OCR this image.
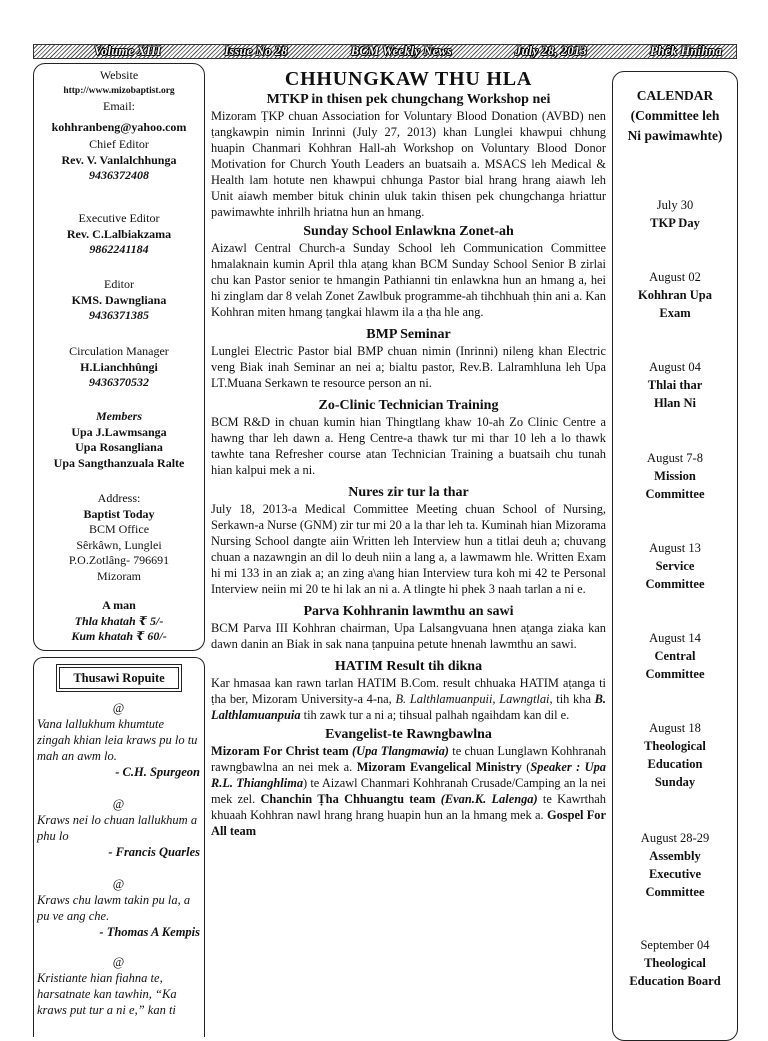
Volume XIII	Issue No 28	BCM Weekly News	July 28, 2013	Phêk Hnihna
Website
http://www.mizobaptist.org
Email:
kohhranbeng@yahoo.com
Chief Editor
Rev. V. Vanlalchhunga
9436372408
Executive Editor
Rev. C.Lalbiakzama
9862241184
Editor
KMS. Dawngliana
9436371385
Circulation Manager
H.Lianchhûngi
9436370532
Members
Upa J.Lawmsanga
Upa Rosangliana
Upa Sangthanzuala Ralte
Address:
Baptist Today
BCM Office
Sêrkâwn, Lunglei
P.O.Zotlâng- 796691
Mizoram
A man
Thla khatah ₹ 5/-
Kum khatah ₹ 60/-
Thusawi Ropuite
@
Vana lallukhum khumtute zingah khian leia kraws pu lo tu mah an awm lo.
- C.H. Spurgeon
@
Kraws nei lo chuan lallukhum a phu lo
- Francis Quarles
@
Kraws chu lawm takin pu la, a pu ve ang che.
- Thomas A Kempis
@
Kristiante hian fiahna te, harsatnate kan tawhin, “Ka kraws put tur a ni e,” kan ti
CHHUNGKAW THU HLA
MTKP in thisen pek chungchang Workshop nei

Mizoram ṬKP chuan Association for Voluntary Blood Donation (AVBD) nen ṭangkawpin nimin Inrinni (July 27, 2013) khan Lunglei khawpui chhung huapin Chanmari Kohhran Hall-ah Workshop on Voluntary Blood Donor Motivation for Church Youth Leaders an buatsaih a. MSACS leh Medical & Health lam hotute nen khawpui chhunga Pastor bial hrang hrang aiawh leh Unit aiawh member bituk chinin uluk takin thisen pek chungchanga hriattur pawimawhte inhrilh hriatna hun an hmang.

Sunday School Enlawkna Zonet-ah

Aizawl Central Church-a Sunday School leh Communication Committee hmalaknain kumin April thla aṭang khan BCM Sunday School Senior B zirlai chu kan Pastor senior te hmangin Pathianni tin enlawkna hun an hmang a, hei hi zinglam dar 8 velah Zonet Zawlbuk programme-ah tihchhuah ṭhin ani a. Kan Kohhran miten hmang ṭangkai hlawm ila a ṭha hle ang.

BMP Seminar

Lunglei Electric Pastor bial BMP chuan nimin (Inrinni) nileng khan Electric veng Biak inah Seminar an nei a; bialtu pastor, Rev.B. Lalramhluna leh Upa LT.Muana Serkawn te resource person an ni.

Zo-Clinic Technician Training

BCM R&D in chuan kumin hian Thingtlang khaw 10-ah Zo Clinic Centre a hawng thar leh dawn a. Heng Centre-a thawk tur mi thar 10 leh a lo thawk tawhte tana Refresher course atan Technician Training a buatsaih chu tunah hian kalpui mek a ni.

Nures zir tur la thar

July 18, 2013-a Medical Committee Meeting chuan School of Nursing, Serkawn-a Nurse (GNM) zir tur mi 20 a la thar leh ta. Kuminah hian Mizorama Nursing School dangte aiin Written leh Interview hun a titlai deuh a; chuvang chuan a nazawngin an dil lo deuh niin a lang a, a lawmawm hle. Written Exam hi mi 133 in an ziak a; an zing a\ang hian Interview tura koh mi 42 te Personal Interview neiin mi 20 te hi lak an ni a. A tlingte hi phek 3 naah tarlan a ni e.

Parva Kohhranin lawmthu an sawi

BCM Parva III Kohhran chairman, Upa Lalsangvuana hnen aṭanga ziaka kan dawn danin an Biak in sak nana ṭanpuina petute hnenah lawmthu an sawi.

HATIM Result tih dikna

Kar hmasaa kan rawn tarlan HATIM B.Com. result chhuaka HATIM aṭanga ti ṭha ber, Mizoram University-a 4-na, B. Lalthlamuanpuii, Lawngtlai, tih kha B. Lalthlamuanpuia tih zawk tur a ni a; tihsual palhah ngaihdam kan dil e.

Evangelist-te Rawngbawlna

Mizoram For Christ team (Upa Tlangmawia) te chuan Lunglawn Kohhranah rawngbawlna an nei mek a. Mizoram Evangelical Ministry (Speaker : Upa R.L. Thianghlima) te Aizawl Chanmari Kohhranah Crusade/Camping an la nei mek zel. Chanchin Ṭha Chhuangtu team (Evan.K. Lalenga) te Kawrthah khuaah Kohhran nawl hrang hrang huapin hun an la hmang mek a. Gospel For All team

CALENDAR
(Committee leh
Ni pawimawhte)
July 30
TKP Day
August 02
Kohhran Upa
Exam
August 04
Thlai thar
Hlan Ni
August 7-8
Mission
Committee
August 13
Service
Committee
August 14
Central
Committee
August 18
Theological
Education
Sunday
August 28-29
Assembly
Executive
Committee
September 04
Theological
Education Board
